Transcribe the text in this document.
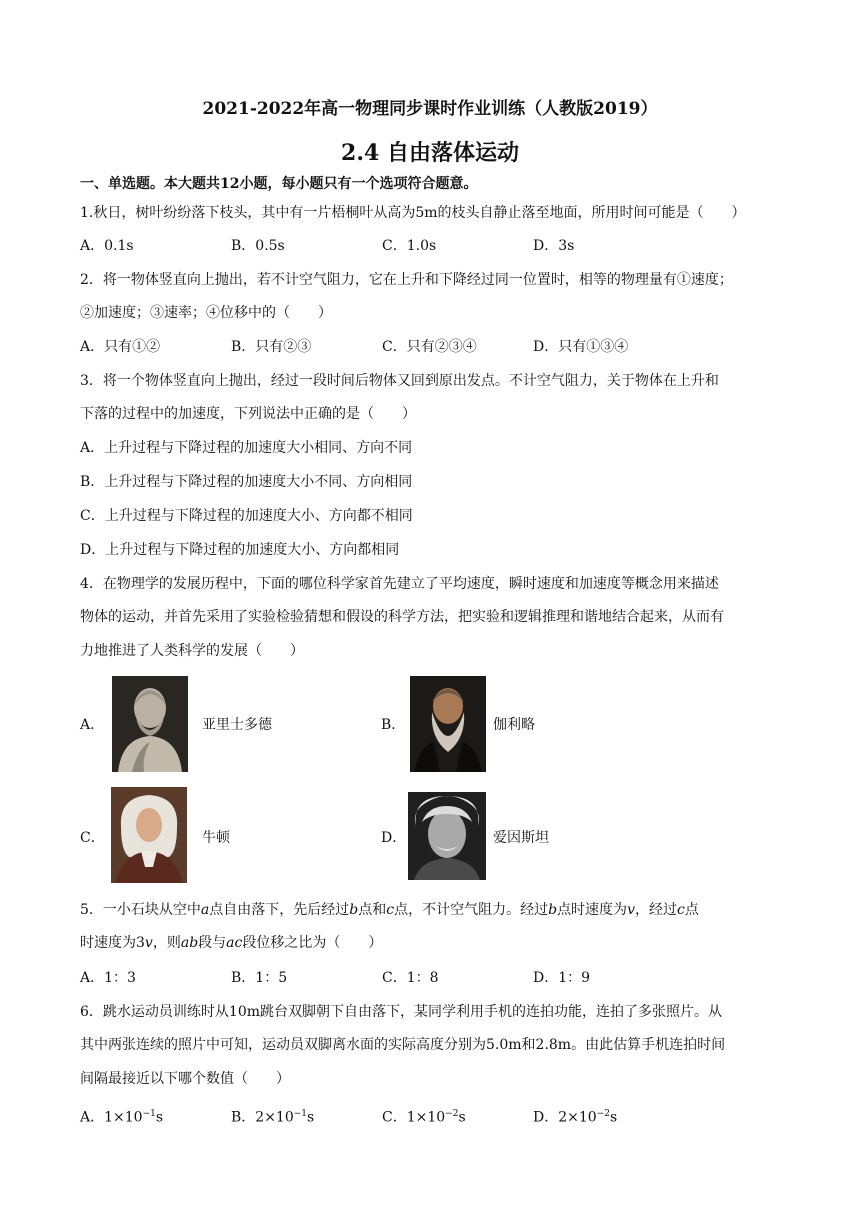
2021-2022年高一物理同步课时作业训练（人教版2019）
2.4 自由落体运动
一、单选题。本大题共12小题，每小题只有一个选项符合题意。
1.秋日，树叶纷纷落下枝头，其中有一片梧桐叶从高为5m的枝头自静止落至地面，所用时间可能是（　　）
A．0.1s	B．0.5s	C．1.0s	D．3s
2．将一物体竖直向上抛出，若不计空气阻力，它在上升和下降经过同一位置时，相等的物理量有①速度；
②加速度；③速率；④位移中的（　　）
A．只有①②	B．只有②③	C．只有②③④	D．只有①③④
3．将一个物体竖直向上抛出，经过一段时间后物体又回到原出发点。不计空气阻力，关于物体在上升和
下落的过程中的加速度，下列说法中正确的是（　　）
A．上升过程与下降过程的加速度大小相同、方向不同
B．上升过程与下降过程的加速度大小不同、方向相同
C．上升过程与下降过程的加速度大小、方向都不相同
D．上升过程与下降过程的加速度大小、方向都相同
4．在物理学的发展历程中，下面的哪位科学家首先建立了平均速度，瞬时速度和加速度等概念用来描述
物体的运动，并首先采用了实验检验猜想和假设的科学方法，把实验和逻辑推理和谐地结合起来，从而有
力地推进了人类科学的发展（　　）
A．	亚里士多德	B．	伽利略
C．	牛顿	D．	爱因斯坦
5．一小石块从空中a点自由落下，先后经过b点和c点，不计空气阻力。经过b点时速度为v，经过c点
时速度为3v，则ab段与ac段位移之比为（　　）
A．1：3	B．1：5	C．1：8	D．1：9
6．跳水运动员训练时从10m跳台双脚朝下自由落下，某同学利用手机的连拍功能，连拍了多张照片。从
其中两张连续的照片中可知，运动员双脚离水面的实际高度分别为5.0m和2.8m。由此估算手机连拍时间
间隔最接近以下哪个数值（　　）
A．$1\times 10^{-1}s$	B．$2\times 10^{-1}s$	C．$1\times 10^{-2}s$	D．$2\times 10^{-2}s$
